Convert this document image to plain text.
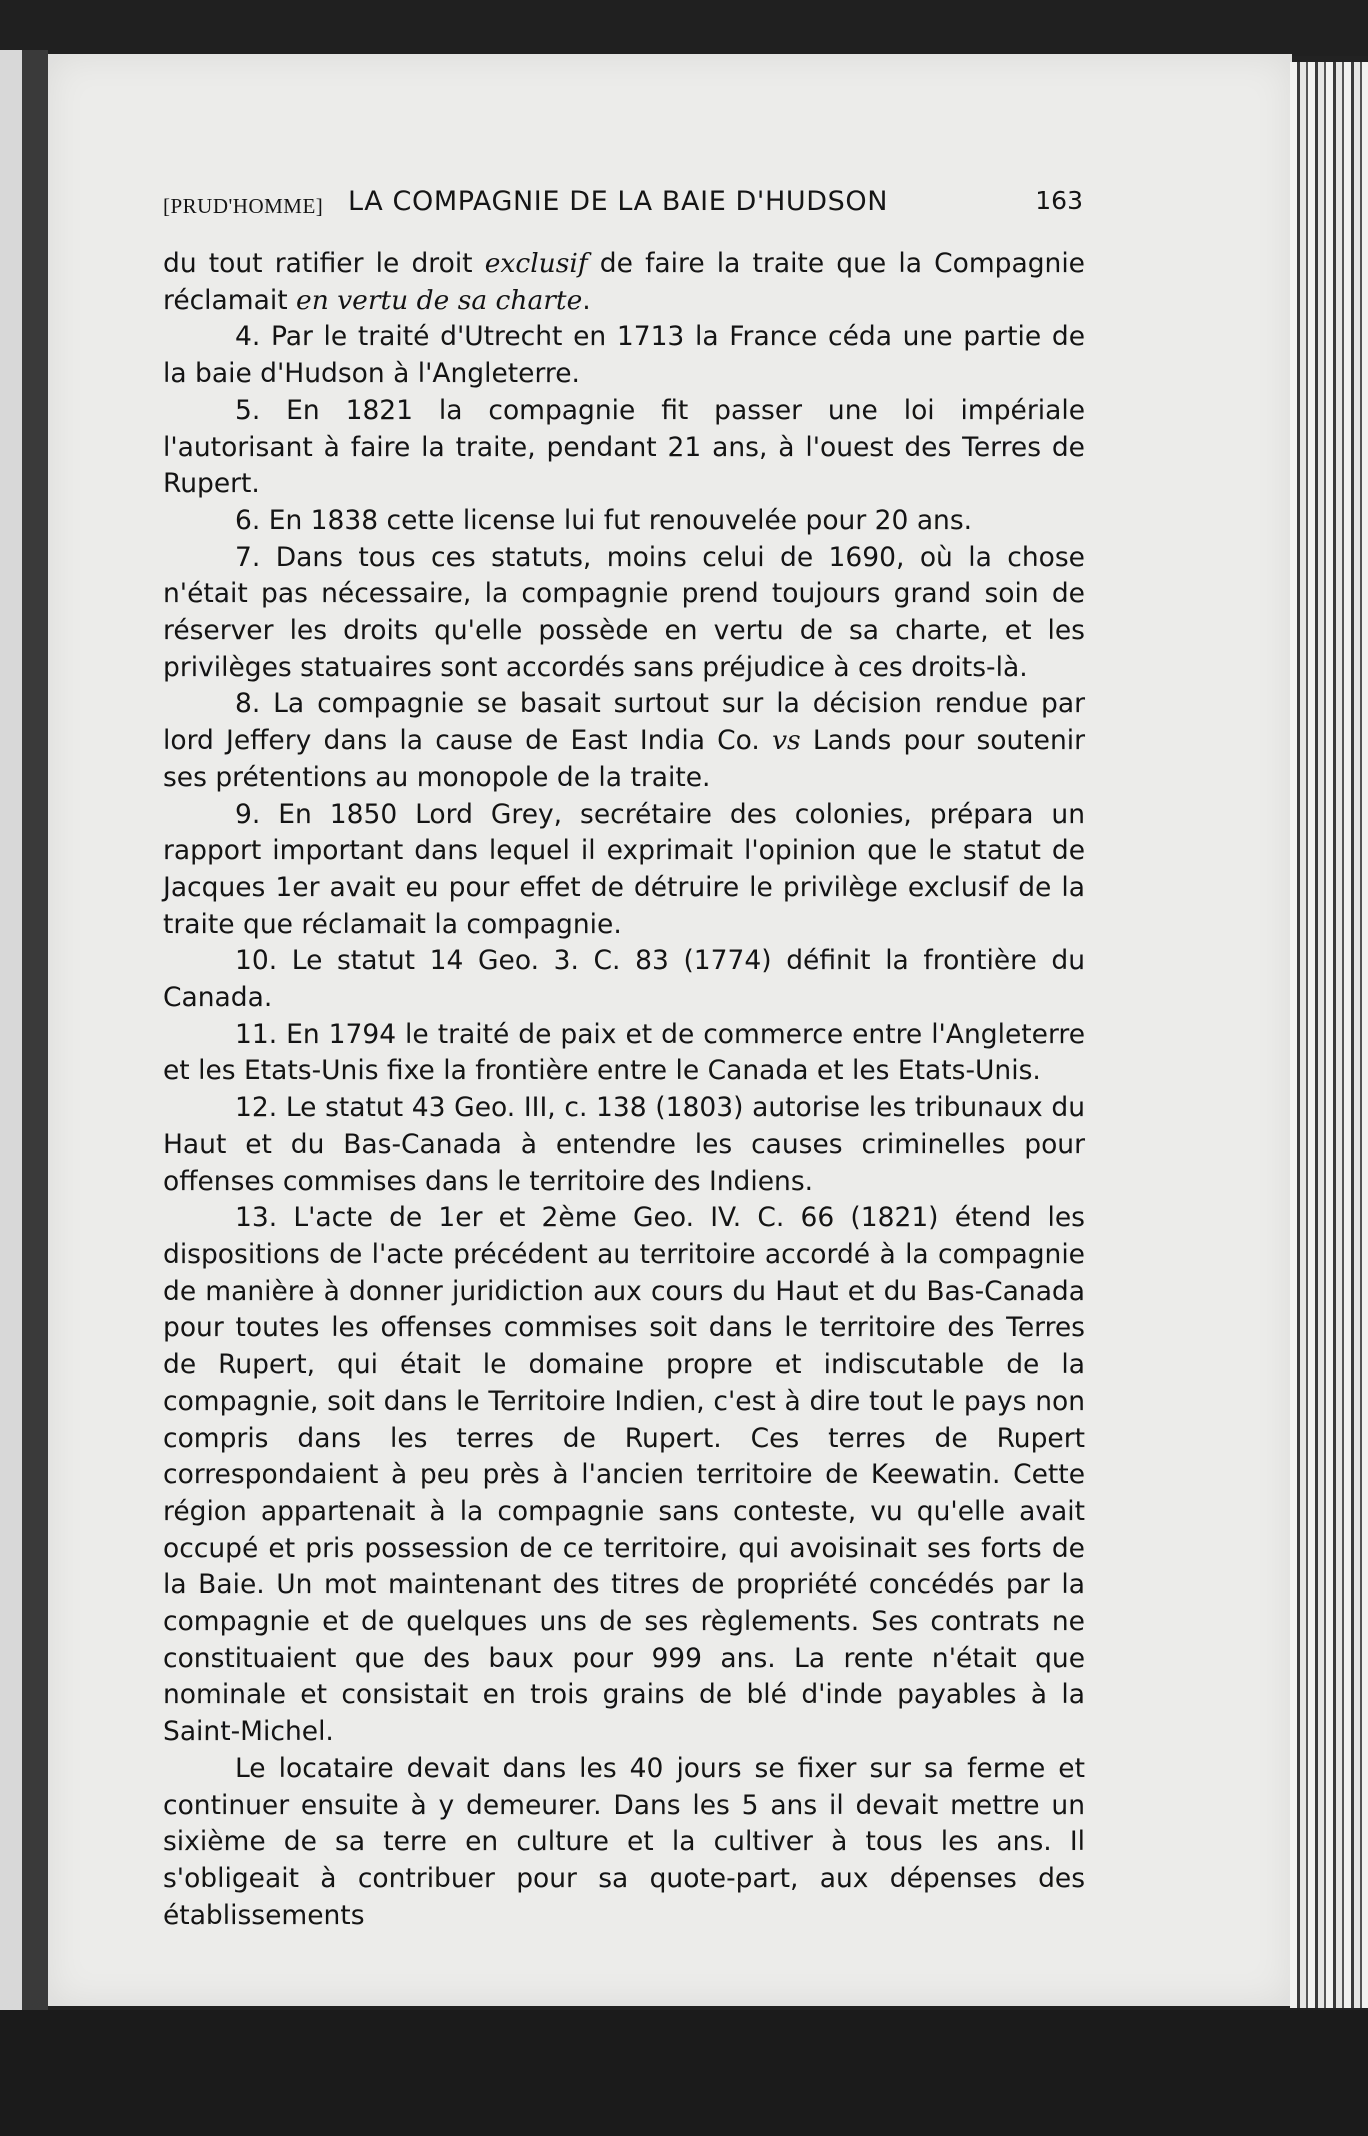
[PRUD'HOMME] LA COMPAGNIE DE LA BAIE D'HUDSON	163

du tout ratifier le droit exclusif de faire la traite que la Compagnie réclamait en vertu de sa charte.

4. Par le traité d'Utrecht en 1713 la France céda une partie de la baie d'Hudson à l'Angleterre.

5. En 1821 la compagnie fit passer une loi impériale l'autorisant à faire la traite, pendant 21 ans, à l'ouest des Terres de Rupert.

6. En 1838 cette license lui fut renouvelée pour 20 ans.

7. Dans tous ces statuts, moins celui de 1690, où la chose n'était pas nécessaire, la compagnie prend toujours grand soin de réserver les droits qu'elle possède en vertu de sa charte, et les privilèges statuaires sont accordés sans préjudice à ces droits-là.

8. La compagnie se basait surtout sur la décision rendue par lord Jeffery dans la cause de East India Co. vs Lands pour soutenir ses prétentions au monopole de la traite.

9. En 1850 Lord Grey, secrétaire des colonies, prépara un rapport important dans lequel il exprimait l'opinion que le statut de Jacques 1er avait eu pour effet de détruire le privilège exclusif de la traite que réclamait la compagnie.

10. Le statut 14 Geo. 3. C. 83 (1774) définit la frontière du Canada.

11. En 1794 le traité de paix et de commerce entre l'Angleterre et les Etats-Unis fixe la frontière entre le Canada et les Etats-Unis.

12. Le statut 43 Geo. III, c. 138 (1803) autorise les tribunaux du Haut et du Bas-Canada à entendre les causes criminelles pour offenses commises dans le territoire des Indiens.

13. L'acte de 1er et 2ème Geo. IV. C. 66 (1821) étend les dispositions de l'acte précédent au territoire accordé à la compagnie de manière à donner juridiction aux cours du Haut et du Bas-Canada pour toutes les offenses commises soit dans le territoire des Terres de Rupert, qui était le domaine propre et indiscutable de la compagnie, soit dans le Territoire Indien, c'est à dire tout le pays non compris dans les terres de Rupert. Ces terres de Rupert correspondaient à peu près à l'ancien territoire de Keewatin. Cette région appartenait à la compagnie sans conteste, vu qu'elle avait occupé et pris possession de ce territoire, qui avoisinait ses forts de la Baie. Un mot maintenant des titres de propriété concédés par la compagnie et de quelques uns de ses règlements. Ses contrats ne constituaient que des baux pour 999 ans. La rente n'était que nominale et consistait en trois grains de blé d'inde payables à la Saint-Michel.

Le locataire devait dans les 40 jours se fixer sur sa ferme et continuer ensuite à y demeurer. Dans les 5 ans il devait mettre un sixième de sa terre en culture et la cultiver à tous les ans. Il s'obligeait à contribuer pour sa quote-part, aux dépenses des établissements
